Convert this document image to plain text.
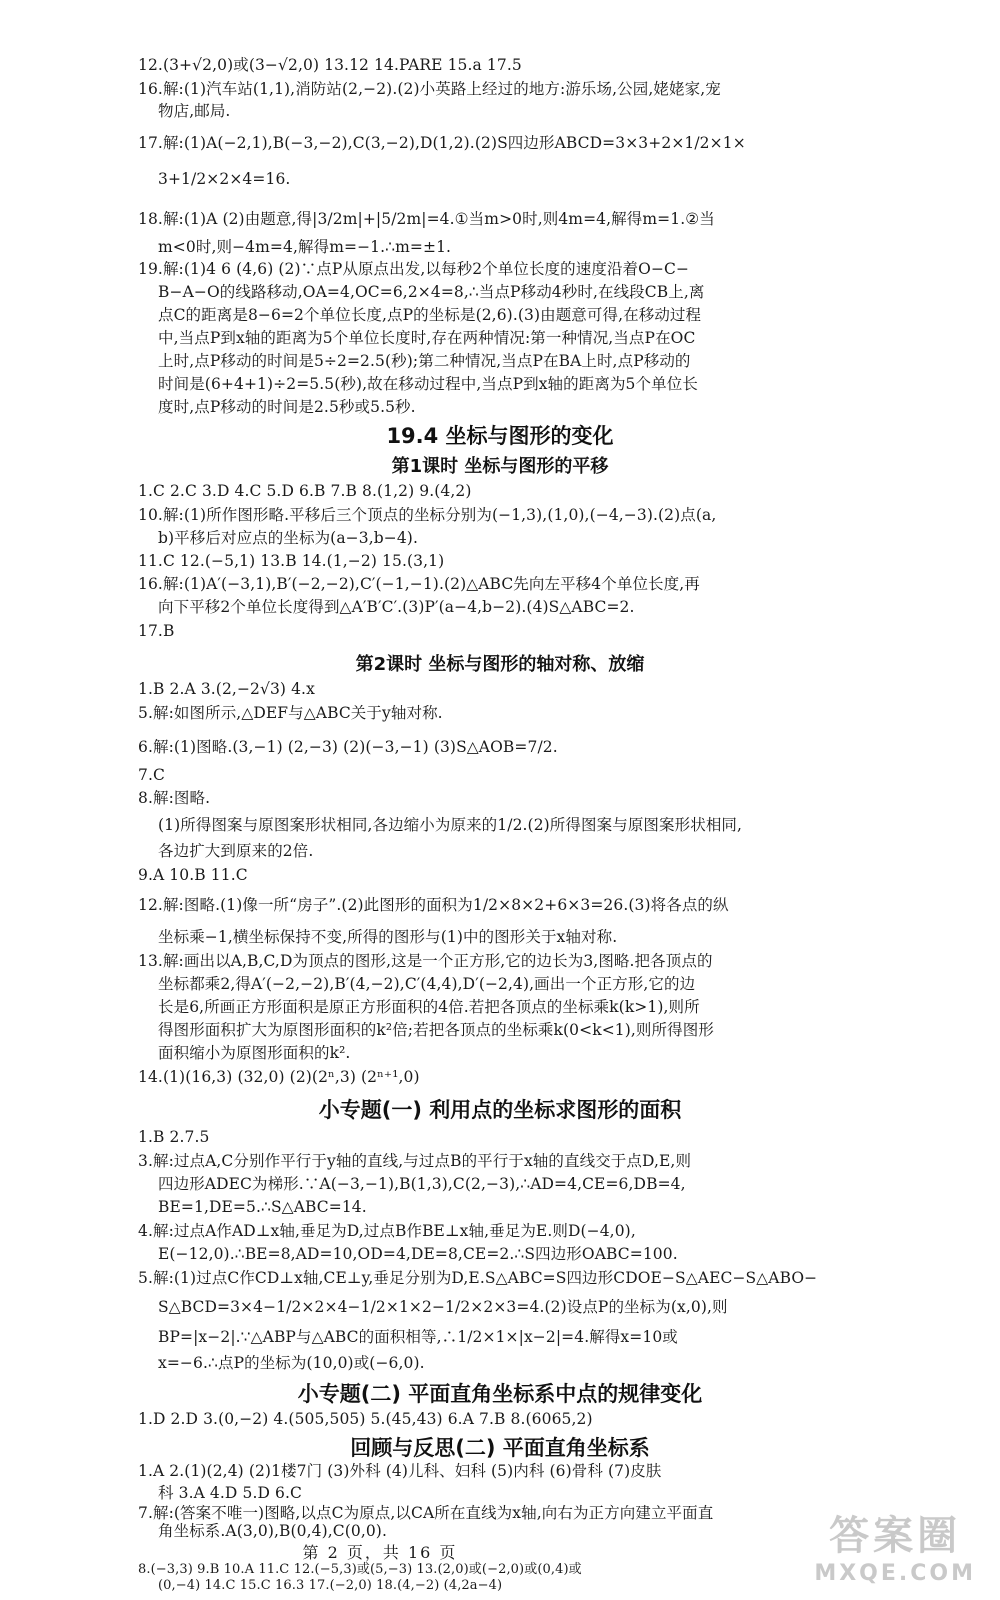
12.(3+√2,0)或(3−√2,0) 13.12 14.PARE 15.a 17.5
16.解:(1)汽车站(1,1),消防站(2,−2).(2)小英路上经过的地方:游乐场,公园,姥姥家,宠
物店,邮局.
17.解:(1)A(−2,1),B(−3,−2),C(3,−2),D(1,2).(2)S四边形ABCD=3×3+2×1/2×1×
3+1/2×2×4=16.
18.解:(1)A (2)由题意,得|3/2m|+|5/2m|=4.①当m>0时,则4m=4,解得m=1.②当
m<0时,则−4m=4,解得m=−1.∴m=±1.
19.解:(1)4 6 (4,6) (2)∵点P从原点出发,以每秒2个单位长度的速度沿着O−C−
B−A−O的线路移动,OA=4,OC=6,2×4=8,∴当点P移动4秒时,在线段CB上,离
点C的距离是8−6=2个单位长度,点P的坐标是(2,6).(3)由题意可得,在移动过程
中,当点P到x轴的距离为5个单位长度时,存在两种情况:第一种情况,当点P在OC
上时,点P移动的时间是5÷2=2.5(秒);第二种情况,当点P在BA上时,点P移动的
时间是(6+4+1)÷2=5.5(秒),故在移动过程中,当点P到x轴的距离为5个单位长
度时,点P移动的时间是2.5秒或5.5秒.
19.4 坐标与图形的变化
第1课时 坐标与图形的平移
1.C 2.C 3.D 4.C 5.D 6.B 7.B 8.(1,2) 9.(4,2)
10.解:(1)所作图形略.平移后三个顶点的坐标分别为(−1,3),(1,0),(−4,−3).(2)点(a,
b)平移后对应点的坐标为(a−3,b−4).
11.C 12.(−5,1) 13.B 14.(1,−2) 15.(3,1)
16.解:(1)A′(−3,1),B′(−2,−2),C′(−1,−1).(2)△ABC先向左平移4个单位长度,再
向下平移2个单位长度得到△A′B′C′.(3)P′(a−4,b−2).(4)S△ABC=2.
17.B
第2课时 坐标与图形的轴对称、放缩
1.B 2.A 3.(2,−2√3) 4.x
5.解:如图所示,△DEF与△ABC关于y轴对称.
6.解:(1)图略.(3,−1) (2,−3) (2)(−3,−1) (3)S△AOB=7/2.
7.C
8.解:图略.
(1)所得图案与原图案形状相同,各边缩小为原来的1/2.(2)所得图案与原图案形状相同,
各边扩大到原来的2倍.
9.A 10.B 11.C
12.解:图略.(1)像一所“房子”.(2)此图形的面积为1/2×8×2+6×3=26.(3)将各点的纵
坐标乘−1,横坐标保持不变,所得的图形与(1)中的图形关于x轴对称.
13.解:画出以A,B,C,D为顶点的图形,这是一个正方形,它的边长为3,图略.把各顶点的
坐标都乘2,得A′(−2,−2),B′(4,−2),C′(4,4),D′(−2,4),画出一个正方形,它的边
长是6,所画正方形面积是原正方形面积的4倍.若把各顶点的坐标乘k(k>1),则所
得图形面积扩大为原图形面积的k²倍;若把各顶点的坐标乘k(0<k<1),则所得图形
面积缩小为原图形面积的k².
14.(1)(16,3) (32,0) (2)(2ⁿ,3) (2ⁿ⁺¹,0)
小专题(一) 利用点的坐标求图形的面积
1.B 2.7.5
3.解:过点A,C分别作平行于y轴的直线,与过点B的平行于x轴的直线交于点D,E,则
四边形ADEC为梯形.∵A(−3,−1),B(1,3),C(2,−3),∴AD=4,CE=6,DB=4,
BE=1,DE=5.∴S△ABC=14.
4.解:过点A作AD⊥x轴,垂足为D,过点B作BE⊥x轴,垂足为E.则D(−4,0),
E(−12,0).∴BE=8,AD=10,OD=4,DE=8,CE=2.∴S四边形OABC=100.
5.解:(1)过点C作CD⊥x轴,CE⊥y,垂足分别为D,E.S△ABC=S四边形CDOE−S△AEC−S△ABO−
S△BCD=3×4−1/2×2×4−1/2×1×2−1/2×2×3=4.(2)设点P的坐标为(x,0),则
BP=|x−2|.∵△ABP与△ABC的面积相等,∴1/2×1×|x−2|=4.解得x=10或
x=−6.∴点P的坐标为(10,0)或(−6,0).
小专题(二) 平面直角坐标系中点的规律变化
1.D 2.D 3.(0,−2) 4.(505,505) 5.(45,43) 6.A 7.B 8.(6065,2)
回顾与反思(二) 平面直角坐标系
1.A 2.(1)(2,4) (2)1楼7门 (3)外科 (4)儿科、妇科 (5)内科 (6)骨科 (7)皮肤
科 3.A 4.D 5.D 6.C
7.解:(答案不唯一)图略,以点C为原点,以CA所在直线为x轴,向右为正方向建立平面直
角坐标系.A(3,0),B(0,4),C(0,0).
8.(−3,3) 9.B 10.A 11.C 12.(−5,3)或(5,−3) 13.(2,0)或(−2,0)或(0,4)或
(0,−4) 14.C 15.C 16.3 17.(−2,0) 18.(4,−2) (4,2a−4)
第 2 页，共 16 页	答案圈
MXQE.COM
